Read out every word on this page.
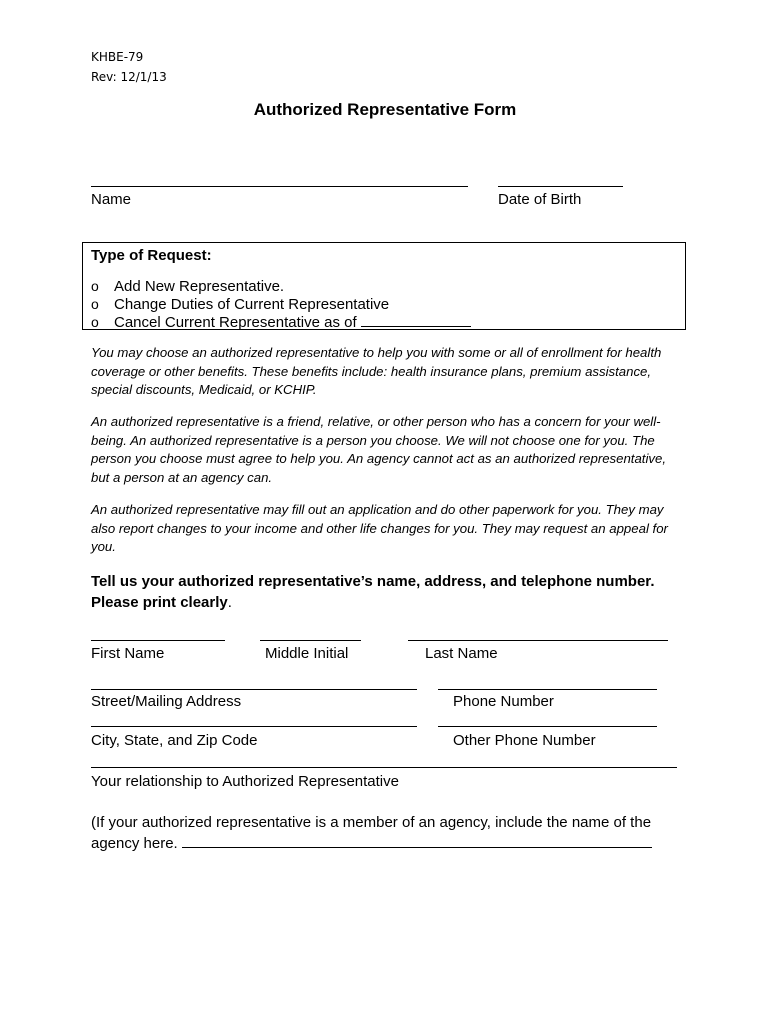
KHBE-79
Rev: 12/1/13
Authorized Representative Form
Name	Date of Birth
Type of Request:
o Add New Representative.
o Change Duties of Current Representative
o Cancel Current Representative as of

You may choose an authorized representative to help you with some or all of enrollment for health coverage or other benefits. These benefits include: health insurance plans, premium assistance, special discounts, Medicaid, or KCHIP.

An authorized representative is a friend, relative, or other person who has a concern for your well-being. An authorized representative is a person you choose. We will not choose one for you. The person you choose must agree to help you. An agency cannot act as an authorized representative, but a person at an agency can.

An authorized representative may fill out an application and do other paperwork for you. They may also report changes to your income and other life changes for you. They may request an appeal for you.

Tell us your authorized representative’s name, address, and telephone number. Please print clearly.

First Name	Middle Initial	Last Name
Street/Mailing Address	Phone Number
City, State, and Zip Code	Other Phone Number
Your relationship to Authorized Representative
(If your authorized representative is a member of an agency, include the name of the agency here.
